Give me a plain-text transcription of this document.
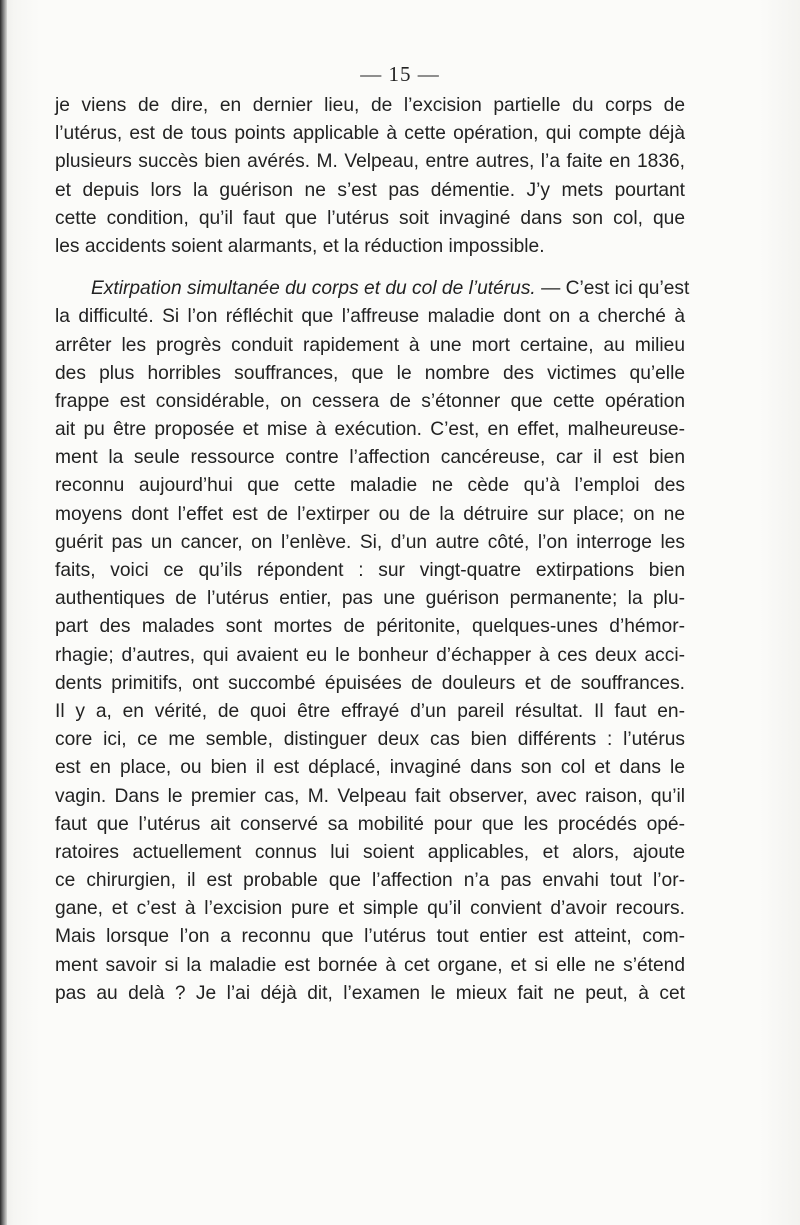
— 15 —
je viens de dire, en dernier lieu, de l’excision partielle du corps de
l’utérus, est de tous points applicable à cette opération, qui compte déjà
plusieurs succès bien avérés. M. Velpeau, entre autres, l’a faite en 1836,
et depuis lors la guérison ne s’est pas démentie. J’y mets pourtant
cette condition, qu’il faut que l’utérus soit invaginé dans son col, que
les accidents soient alarmants, et la réduction impossible.
Extirpation simultanée du corps et du col de l’utérus. — C’est ici qu’est
la difficulté. Si l’on réfléchit que l’affreuse maladie dont on a cherché à
arrêter les progrès conduit rapidement à une mort certaine, au milieu
des plus horribles souffrances, que le nombre des victimes qu’elle
frappe est considérable, on cessera de s’étonner que cette opération
ait pu être proposée et mise à exécution. C’est, en effet, malheureuse-
ment la seule ressource contre l’affection cancéreuse, car il est bien
reconnu aujourd’hui que cette maladie ne cède qu’à l’emploi des
moyens dont l’effet est de l’extirper ou de la détruire sur place; on ne
guérit pas un cancer, on l’enlève. Si, d’un autre côté, l’on interroge les
faits, voici ce qu’ils répondent : sur vingt-quatre extirpations bien
authentiques de l’utérus entier, pas une guérison permanente; la plu-
part des malades sont mortes de péritonite, quelques-unes d’hémor-
rhagie; d’autres, qui avaient eu le bonheur d’échapper à ces deux acci-
dents primitifs, ont succombé épuisées de douleurs et de souffrances.
Il y a, en vérité, de quoi être effrayé d’un pareil résultat. Il faut en-
core ici, ce me semble, distinguer deux cas bien différents : l’utérus
est en place, ou bien il est déplacé, invaginé dans son col et dans le
vagin. Dans le premier cas, M. Velpeau fait observer, avec raison, qu’il
faut que l’utérus ait conservé sa mobilité pour que les procédés opé-
ratoires actuellement connus lui soient applicables, et alors, ajoute
ce chirurgien, il est probable que l’affection n’a pas envahi tout l’or-
gane, et c’est à l’excision pure et simple qu’il convient d’avoir recours.
Mais lorsque l’on a reconnu que l’utérus tout entier est atteint, com-
ment savoir si la maladie est bornée à cet organe, et si elle ne s’étend
pas au delà ? Je l’ai déjà dit, l’examen le mieux fait ne peut, à cet
